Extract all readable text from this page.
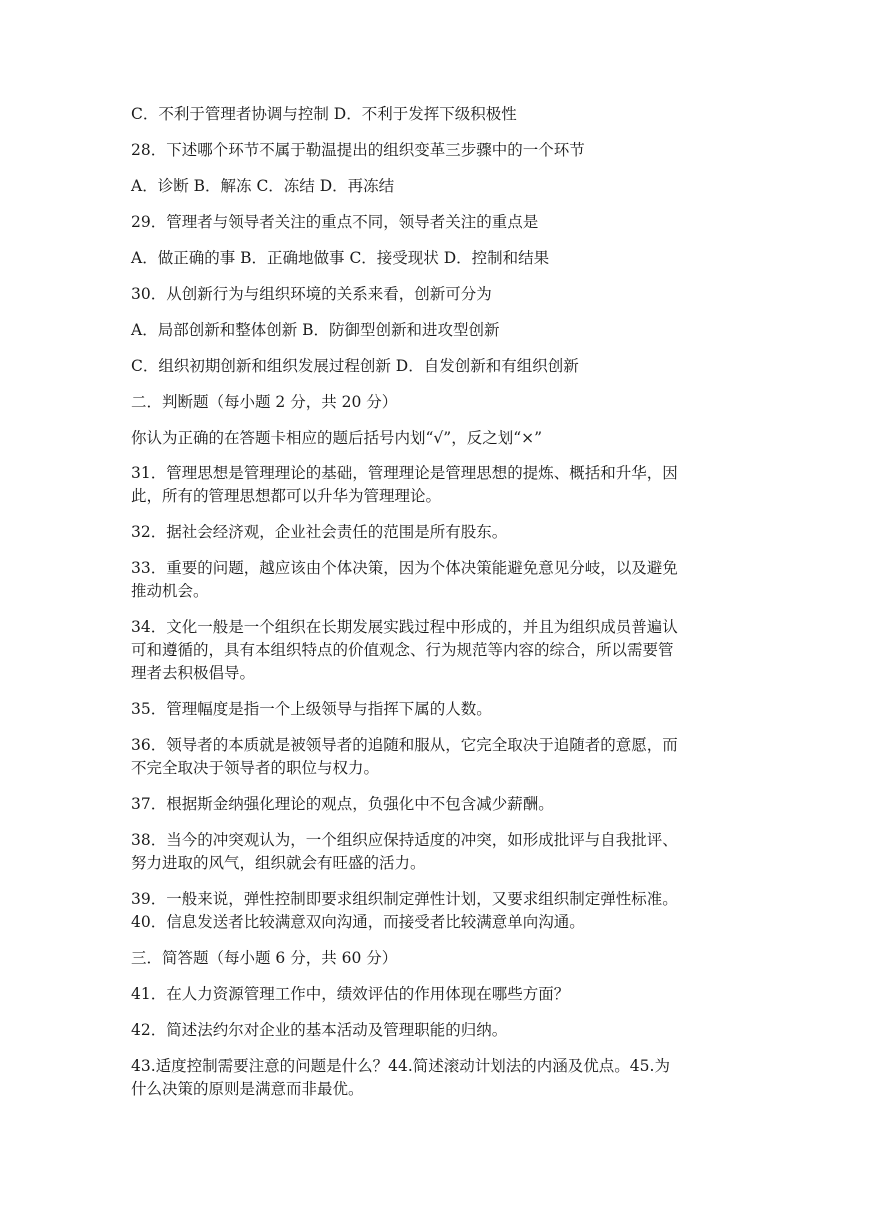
C．不利于管理者协调与控制 D．不利于发挥下级积极性

28．下述哪个环节不属于勒温提出的组织变革三步骤中的一个环节

A．诊断 B．解冻 C．冻结 D．再冻结

29．管理者与领导者关注的重点不同，领导者关注的重点是

A．做正确的事 B．正确地做事 C．接受现状 D．控制和结果

30．从创新行为与组织环境的关系来看，创新可分为

A．局部创新和整体创新 B．防御型创新和进攻型创新

C．组织初期创新和组织发展过程创新 D．自发创新和有组织创新

二．判断题（每小题 2 分，共 20 分）

你认为正确的在答题卡相应的题后括号内划“√”，反之划“×”

31．管理思想是管理理论的基础，管理理论是管理思想的提炼、概括和升华，因

此，所有的管理思想都可以升华为管理理论。

32．据社会经济观，企业社会责任的范围是所有股东。

33．重要的问题，越应该由个体决策，因为个体决策能避免意见分岐，以及避免

推动机会。

34．文化一般是一个组织在长期发展实践过程中形成的，并且为组织成员普遍认

可和遵循的，具有本组织特点的价值观念、行为规范等内容的综合，所以需要管

理者去积极倡导。

35．管理幅度是指一个上级领导与指挥下属的人数。

36．领导者的本质就是被领导者的追随和服从，它完全取决于追随者的意愿，而

不完全取决于领导者的职位与权力。

37．根据斯金纳强化理论的观点，负强化中不包含减少薪酬。

38．当今的冲突观认为，一个组织应保持适度的冲突，如形成批评与自我批评、

努力进取的风气，组织就会有旺盛的活力。

39．一般来说，弹性控制即要求组织制定弹性计划，又要求组织制定弹性标准。

40．信息发送者比较满意双向沟通，而接受者比较满意单向沟通。

三．简答题（每小题 6 分，共 60 分）

41．在人力资源管理工作中，绩效评估的作用体现在哪些方面？

42．简述法约尔对企业的基本活动及管理职能的归纳。

43.适度控制需要注意的问题是什么？44.简述滚动计划法的内涵及优点。45.为

什么决策的原则是满意而非最优。
